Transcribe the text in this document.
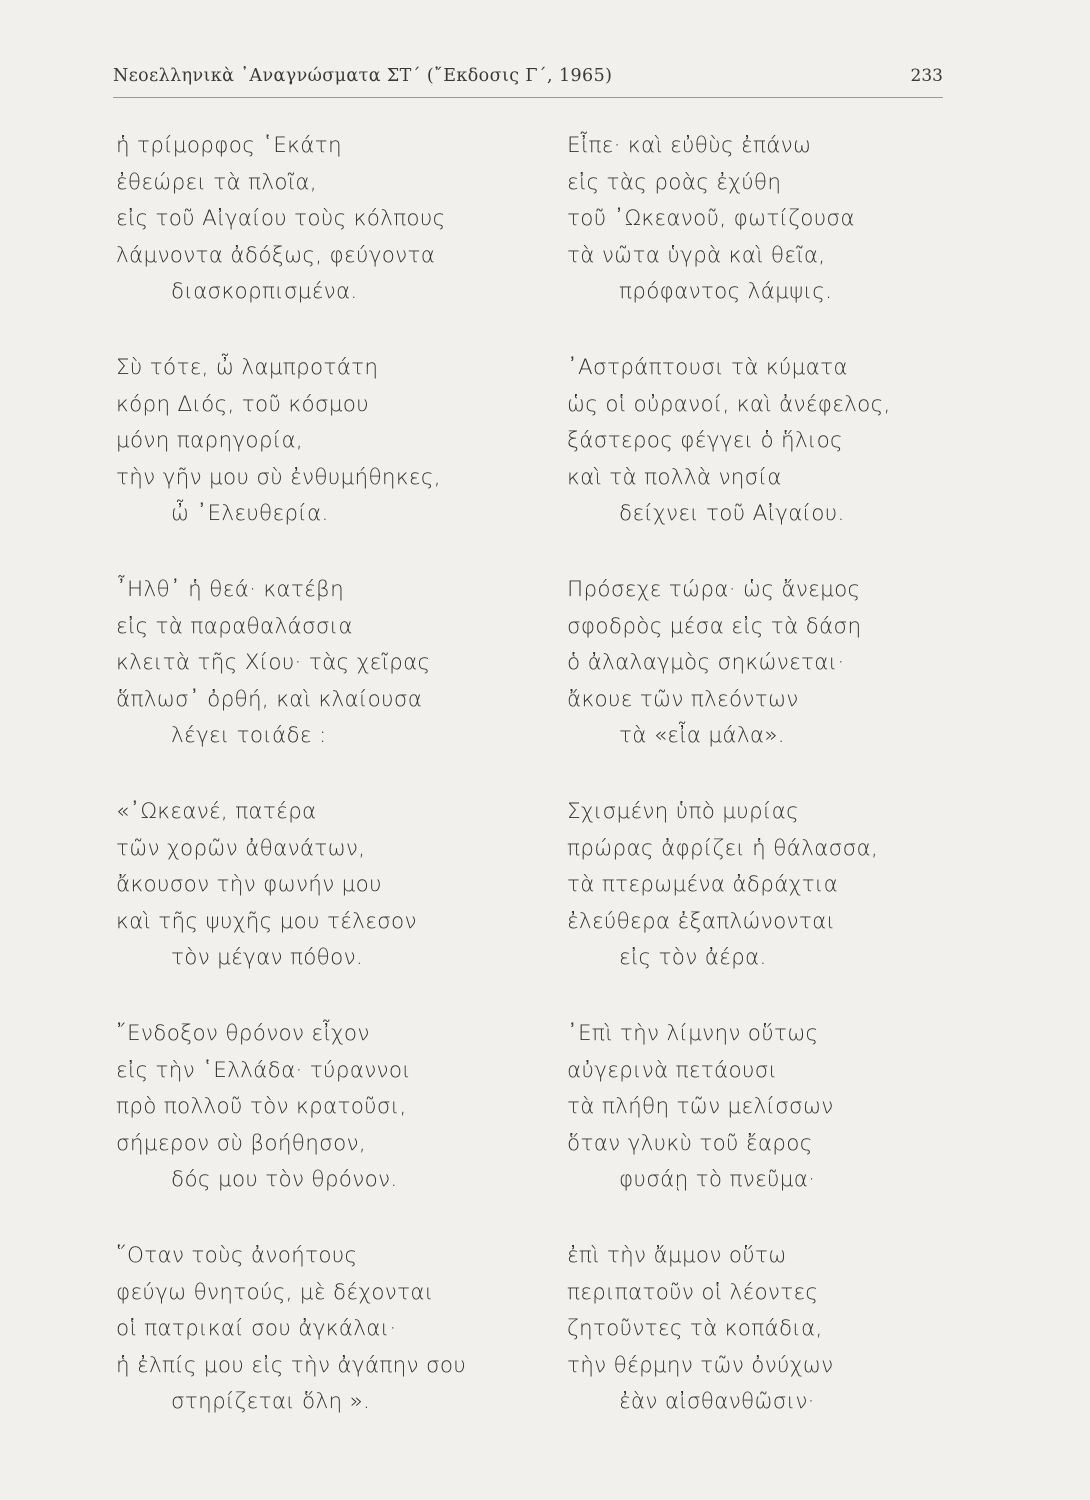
Νεοελληνικὰ ᾿Αναγνώσματα ΣΤ΄ (῎Εκδοσις Γ΄, 1965)	233
ἡ τρίμορφος ῾Εκάτη
ἐθεώρει τὰ πλοῖα,
εἰς τοῦ Αἰγαίου τοὺς κόλπους
λάμνοντα ἀδόξως, φεύγοντα
διασκορπισμένα.
Σὺ τότε, ὦ λαμπροτάτη
κόρη Διός, τοῦ κόσμου
μόνη παρηγορία,
τὴν γῆν μου σὺ ἐνθυμήθηκες,
ὦ ᾿Ελευθερία.
῏Ηλθ᾿ ἡ θεά· κατέβη
εἰς τὰ παραθαλάσσια
κλειτὰ τῆς Χίου· τὰς χεῖρας
ἅπλωσ᾿ ὀρθή, καὶ κλαίουσα
λέγει τοιάδε :
«᾿Ωκεανέ, πατέρα
τῶν χορῶν ἀθανάτων,
ἄκουσον τὴν φωνήν μου
καὶ τῆς ψυχῆς μου τέλεσον
τὸν μέγαν πόθον.
῎Ενδοξον θρόνον εἶχον
εἰς τὴν ῾Ελλάδα· τύραννοι
πρὸ πολλοῦ τὸν κρατοῦσι,
σήμερον σὺ βοήθησον,
δός μου τὸν θρόνον.
῞Οταν τοὺς ἀνοήτους
φεύγω θνητούς, μὲ δέχονται
οἱ πατρικαί σου ἀγκάλαι·
ἡ ἐλπίς μου εἰς τὴν ἀγάπην σου
στηρίζεται ὅλη ».
Εἶπε· καὶ εὐθὺς ἐπάνω
εἰς τὰς ροὰς ἐχύθη
τοῦ ᾿Ωκεανοῦ, φωτίζουσα
τὰ νῶτα ὑγρὰ καὶ θεῖα,
πρόφαντος λάμψις.
᾿Αστράπτουσι τὰ κύματα
ὡς οἱ οὐρανοί, καὶ ἀνέφελος,
ξάστερος φέγγει ὁ ἥλιος
καὶ τὰ πολλὰ νησία
δείχνει τοῦ Αἰγαίου.
Πρόσεχε τώρα· ὡς ἄνεμος
σφοδρὸς μέσα εἰς τὰ δάση
ὁ ἀλαλαγμὸς σηκώνεται·
ἄκουε τῶν πλεόντων
τὰ «εἶα μάλα».
Σχισμένη ὑπὸ μυρίας
πρώρας ἀφρίζει ἡ θάλασσα,
τὰ πτερωμένα ἀδράχτια
ἐλεύθερα ἐξαπλώνονται
εἰς τὸν ἀέρα.
᾿Επὶ τὴν λίμνην οὕτως
αὐγερινὰ πετάουσι
τὰ πλήθη τῶν μελίσσων
ὅταν γλυκὺ τοῦ ἔαρος
φυσάῃ τὸ πνεῦμα·
ἐπὶ τὴν ἄμμον οὕτω
περιπατοῦν οἱ λέοντες
ζητοῦντες τὰ κοπάδια,
τὴν θέρμην τῶν ὀνύχων
ἐὰν αἰσθανθῶσιν·
